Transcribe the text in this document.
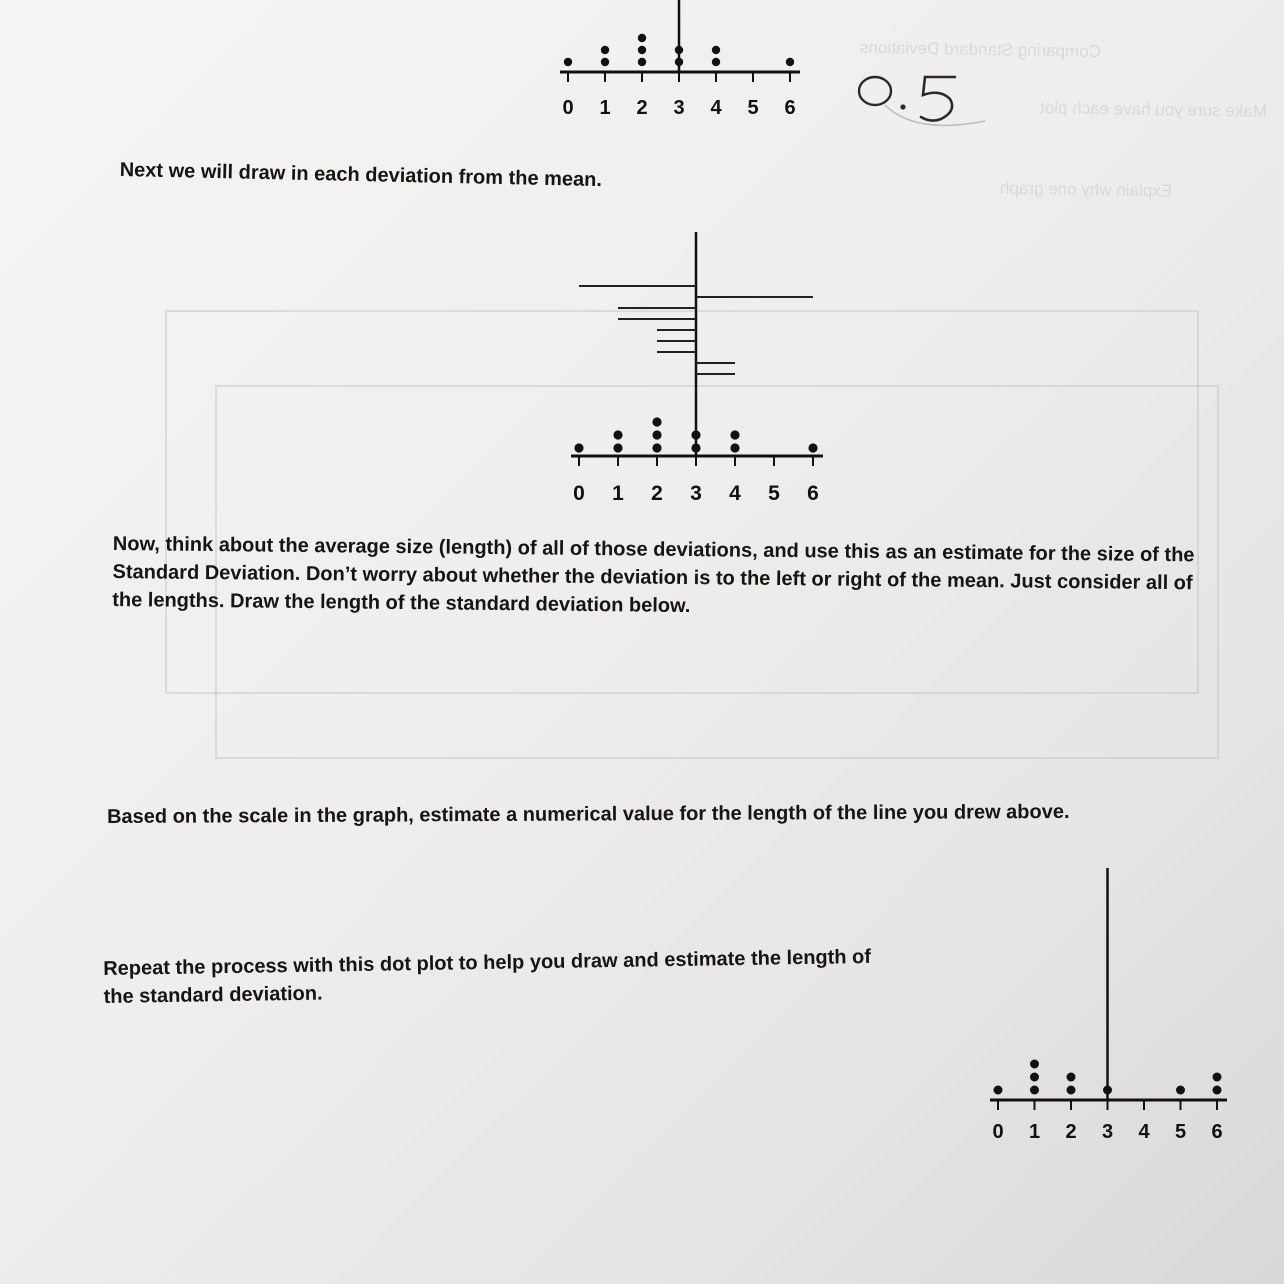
Comparing Standard Deviations
Make sure you have each plot
Explain why one graph
0 1 2 3 4 5 6

Next we will draw in each deviation from the mean.

0 1 2 3 4 5 6

Now, think about the average size (length) of all of those deviations, and use this as an estimate for the size of the
Standard Deviation. Don’t worry about whether the deviation is to the left or right of the mean. Just consider all of
the lengths. Draw the length of the standard deviation below.

Based on the scale in the graph, estimate a numerical value for the length of the line you drew above.

Repeat the process with this dot plot to help you draw and estimate the length of
the standard deviation.

0 1 2 3 4 5 6
